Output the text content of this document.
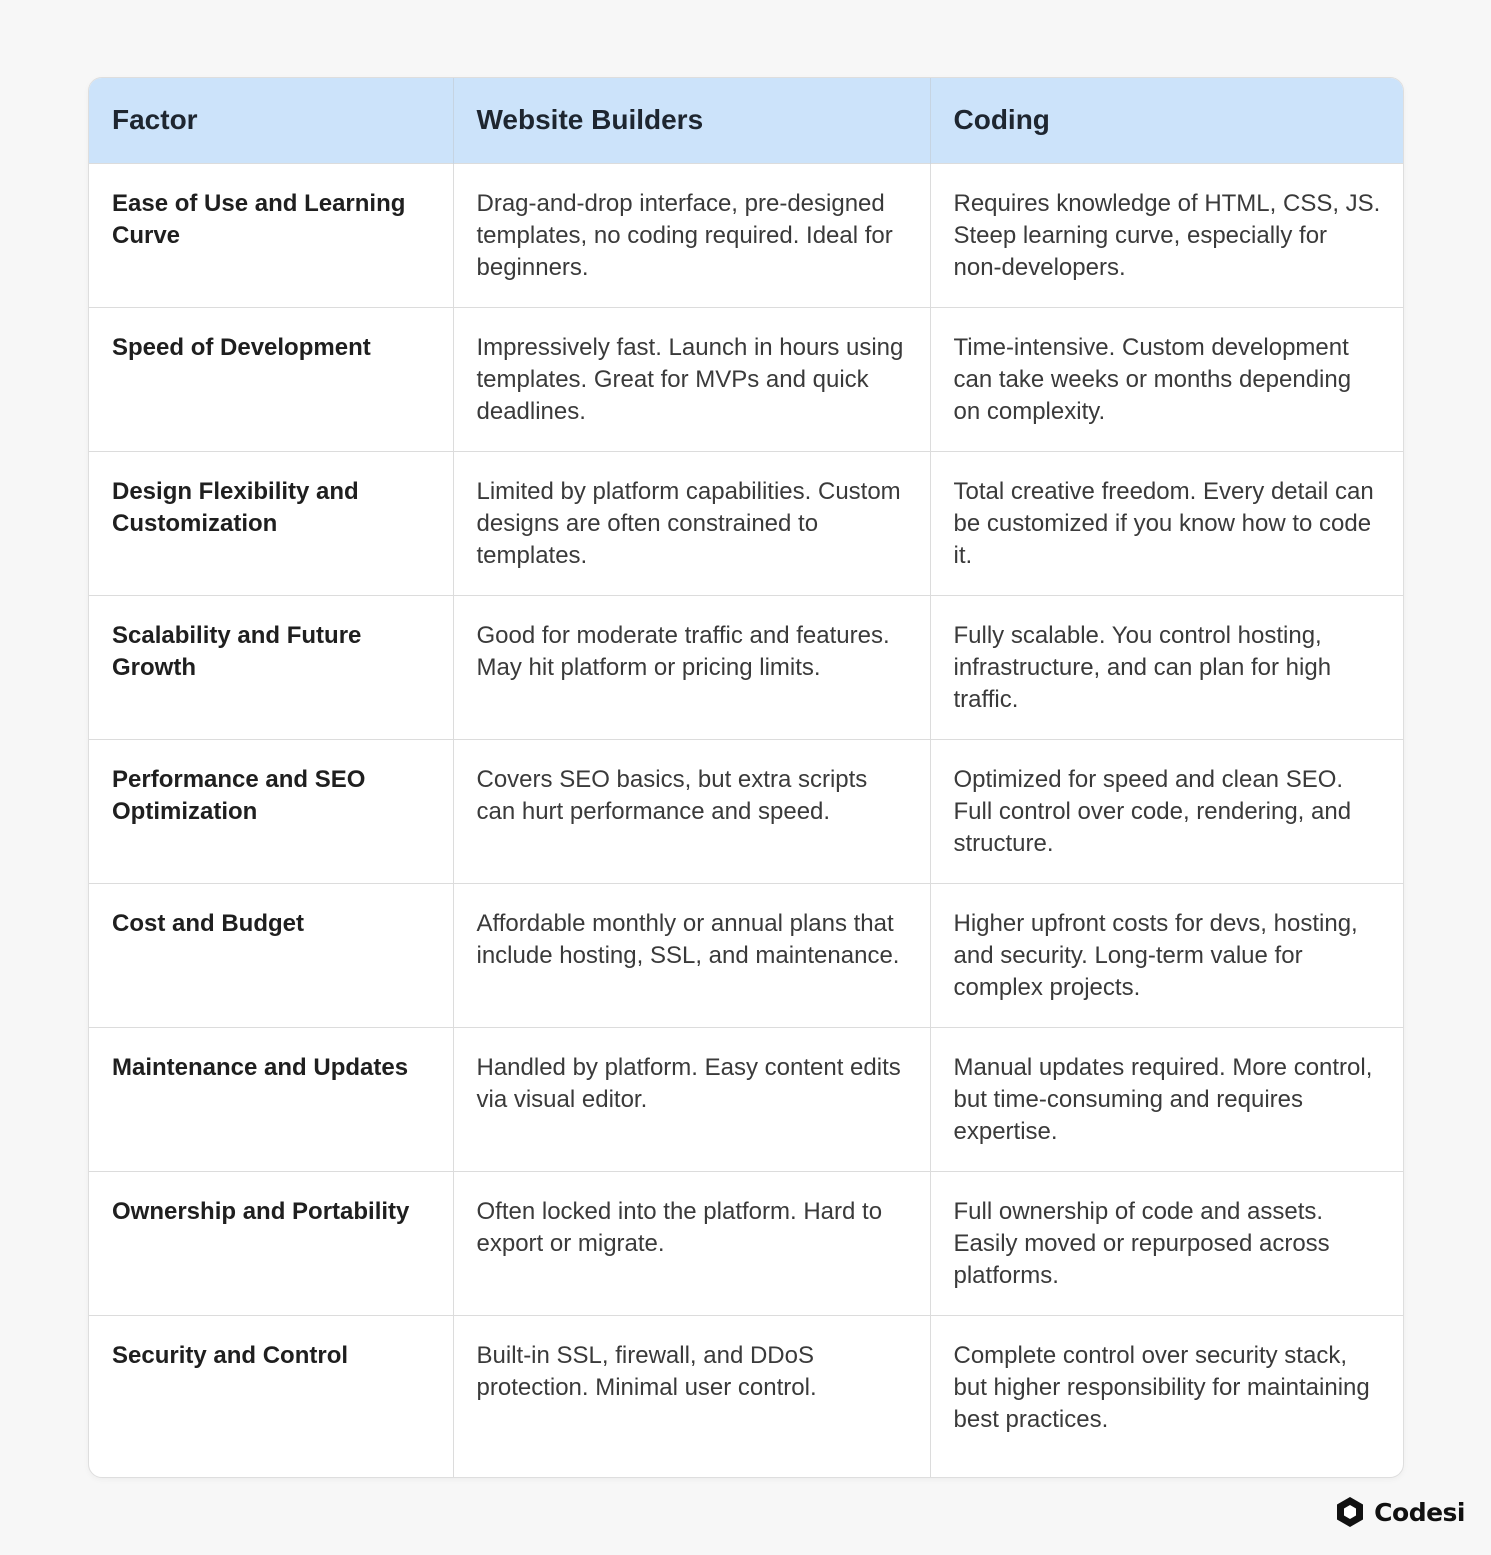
Factor	Website Builders	Coding
Ease of Use and Learning Curve	Drag-and-drop interface, pre-designed templates, no coding required. Ideal for beginners.	Requires knowledge of HTML, CSS, JS. Steep learning curve, especially for non-developers.
Speed of Development	Impressively fast. Launch in hours using templates. Great for MVPs and quick deadlines.	Time-intensive. Custom development can take weeks or months depending on complexity.
Design Flexibility and Customization	Limited by platform capabilities. Custom designs are often constrained to templates.	Total creative freedom. Every detail can be customized if you know how to code it.
Scalability and Future Growth	Good for moderate traffic and features. May hit platform or pricing limits.	Fully scalable. You control hosting, infrastructure, and can plan for high traffic.
Performance and SEO Optimization	Covers SEO basics, but extra scripts can hurt performance and speed.	Optimized for speed and clean SEO. Full control over code, rendering, and structure.
Cost and Budget	Affordable monthly or annual plans that include hosting, SSL, and maintenance.	Higher upfront costs for devs, hosting, and security. Long-term value for complex projects.
Maintenance and Updates	Handled by platform. Easy content edits via visual editor.	Manual updates required. More control, but time-consuming and requires expertise.
Ownership and Portability	Often locked into the platform. Hard to export or migrate.	Full ownership of code and assets. Easily moved or repurposed across platforms.
Security and Control	Built-in SSL, firewall, and DDoS protection. Minimal user control.	Complete control over security stack, but higher responsibility for maintaining best practices.
Codesi
